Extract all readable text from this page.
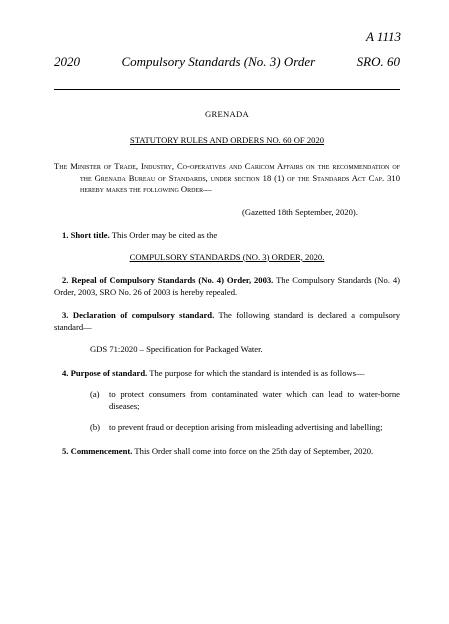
A 1113
2020	Compulsory Standards (No. 3) Order	SRO. 60
GRENADA
STATUTORY RULES AND ORDERS NO. 60 OF 2020
The Minister of Trade, Industry, Co-operatives and Caricom Affairs on the recommendation of the Grenada Bureau of Standards, under section 18 (1) of the Standards Act Cap. 310 hereby makes the following Order—
(Gazetted 18th September, 2020).
1. Short title. This Order may be cited as the
COMPULSORY STANDARDS (NO. 3) ORDER, 2020.
2. Repeal of Compulsory Standards (No. 4) Order, 2003. The Compulsory Standards (No. 4) Order, 2003, SRO No. 26 of 2003 is hereby repealed.
3. Declaration of compulsory standard. The following standard is declared a compulsory standard—
GDS 71:2020 – Specification for Packaged Water.
4. Purpose of standard. The purpose for which the standard is intended is as follows—
(a)	to protect consumers from contaminated water which can lead to water-borne diseases;
(b)	to prevent fraud or deception arising from misleading advertising and labelling;
5. Commencement. This Order shall come into force on the 25th day of September, 2020.
